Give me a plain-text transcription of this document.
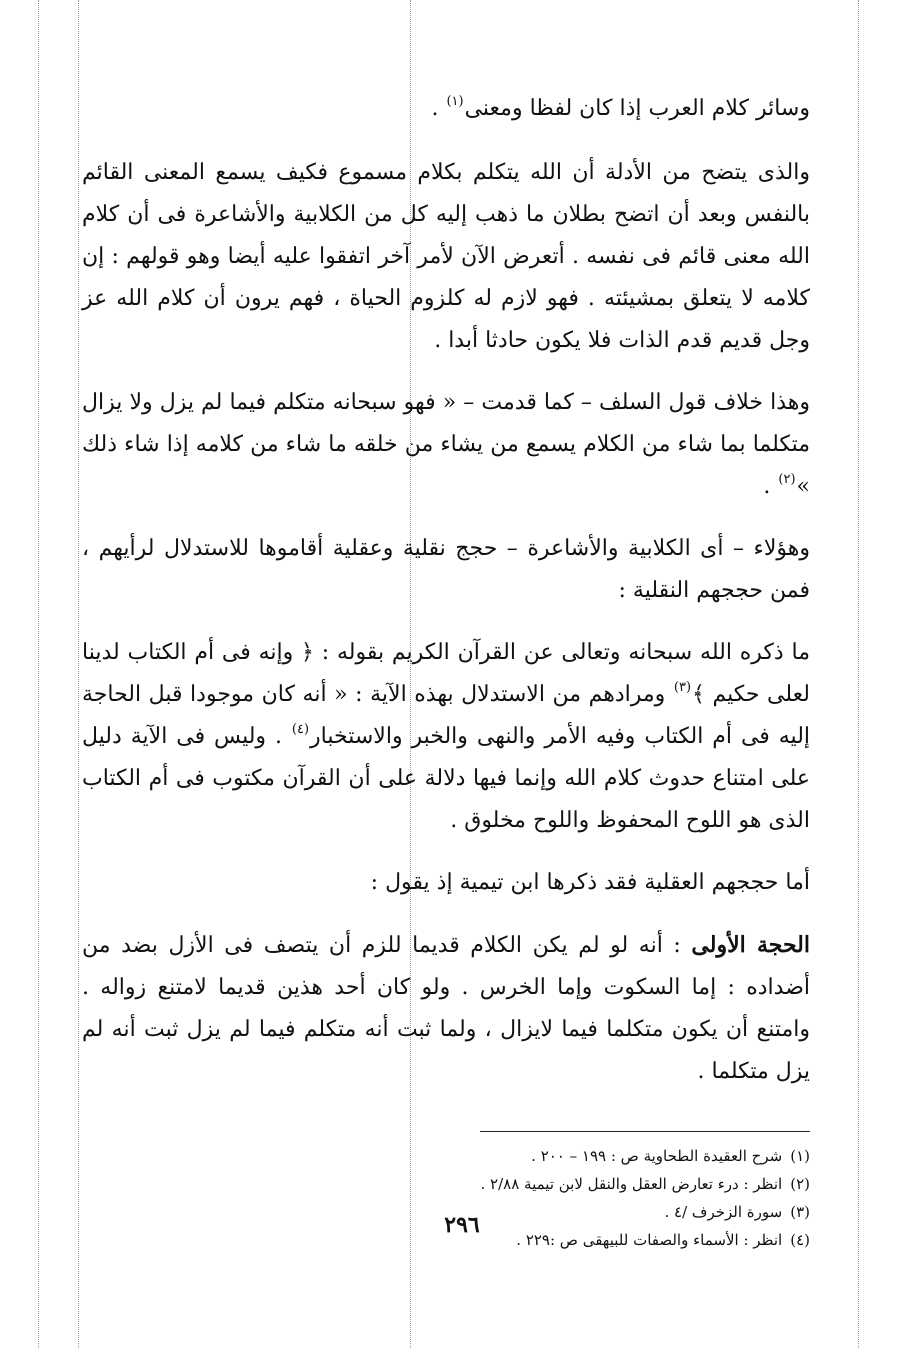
وسائر كلام العرب إذا كان لفظا ومعنى$^{(١)}$ .

والذى يتضح من الأدلة أن الله يتكلم بكلام مسموع فكيف يسمع المعنى القائم بالنفس وبعد أن اتضح بطلان ما ذهب إليه كل من الكلابية والأشاعرة فى أن كلام الله معنى قائم فى نفسه . أتعرض الآن لأمر آخر اتفقوا عليه أيضا وهو قولهم : إن كلامه لا يتعلق بمشيئته . فهو لازم له كلزوم الحياة ، فهم يرون أن كلام الله عز وجل قديم قدم الذات فلا يكون حادثا أبدا .

وهذا خلاف قول السلف – كما قدمت – « فهو سبحانه متكلم فيما لم يزل ولا يزال متكلما بما شاء من الكلام يسمع من يشاء من خلقه ما شاء من كلامه إذا شاء ذلك »$^{(٢)}$ .

وهؤلاء – أى الكلابية والأشاعرة – حجج نقلية وعقلية أقاموها للاستدلال لرأيهم ، فمن حججهم النقلية :

ما ذكره الله سبحانه وتعالى عن القرآن الكريم بقوله : ﴿ وإنه فى أم الكتاب لدينا لعلى حكيم ﴾$^{(٣)}$ ومرادهم من الاستدلال بهذه الآية : « أنه كان موجودا قبل الحاجة إليه فى أم الكتاب وفيه الأمر والنهى والخبر والاستخبار$^{(٤)}$ . وليس فى الآية دليل على امتناع حدوث كلام الله وإنما فيها دلالة على أن القرآن مكتوب فى أم الكتاب الذى هو اللوح المحفوظ واللوح مخلوق .

أما حججهم العقلية فقد ذكرها ابن تيمية إذ يقول :

الحجة الأولى : أنه لو لم يكن الكلام قديما للزم أن يتصف فى الأزل بضد من أضداده : إما السكوت وإما الخرس . ولو كان أحد هذين قديما لامتنع زواله . وامتنع أن يكون متكلما فيما لايزال ، ولما ثبت أنه متكلم فيما لم يزل ثبت أنه لم يزل متكلما .

(١)شرح العقيدة الطحاوية ص : ١٩٩ – ٢٠٠ .
(٢)انظر : درء تعارض العقل والنقل لابن تيمية ٢/٨٨ .
(٣)سورة الزخرف /٤ .
(٤)انظر : الأسماء والصفات للبيهقى ص :٢٢٩ .
٢٩٦
